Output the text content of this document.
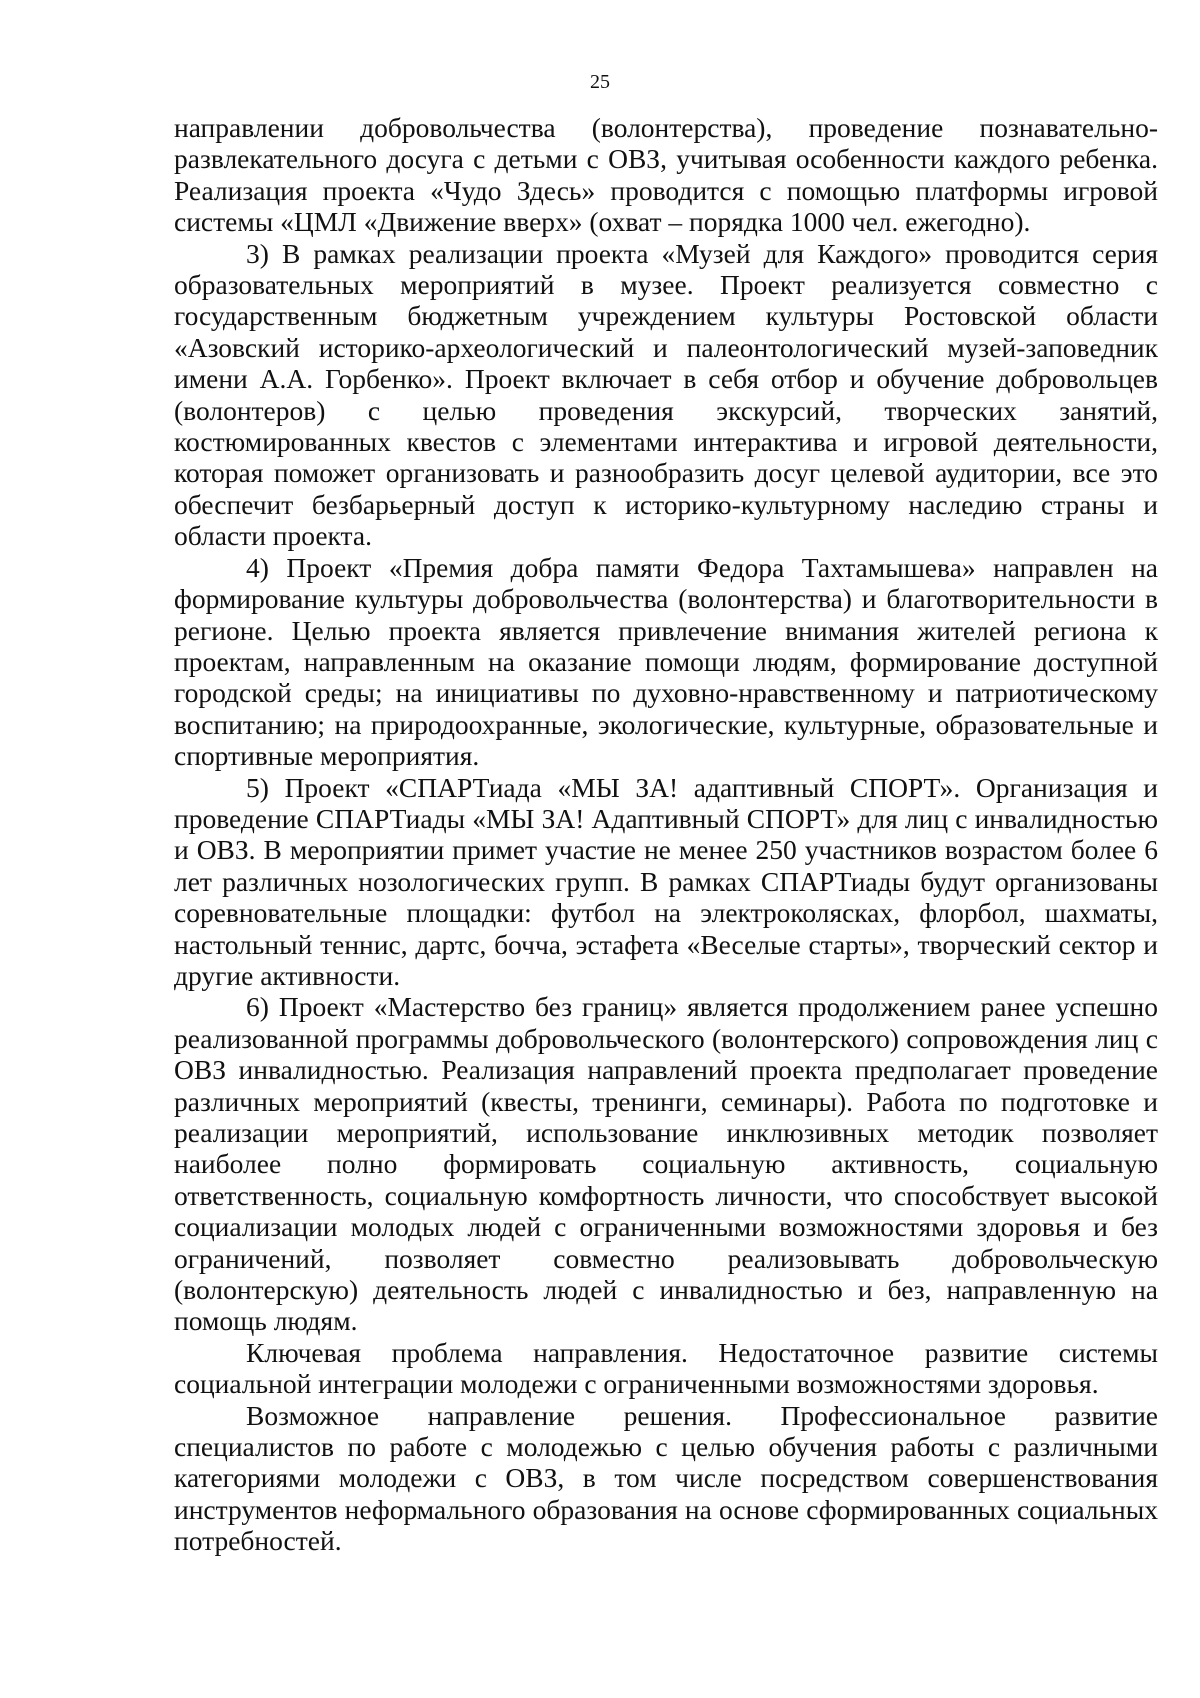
25

направлении добровольчества (волонтерства), проведение познавательно-развлекательного досуга с детьми с ОВЗ, учитывая особенности каждого ребенка. Реализация проекта «Чудо Здесь» проводится с помощью платформы игровой системы «ЦМЛ «Движение вверх» (охват – порядка 1000 чел. ежегодно).

3) В рамках реализации проекта «Музей для Каждого» проводится серия образовательных мероприятий в музее. Проект реализуется совместно с государственным бюджетным учреждением культуры Ростовской области «Азовский историко-археологический и палеонтологический музей-заповедник имени А.А. Горбенко». Проект включает в себя отбор и обучение добровольцев (волонтеров) с целью проведения экскурсий, творческих занятий, костюмированных квестов с элементами интерактива и игровой деятельности, которая поможет организовать и разнообразить досуг целевой аудитории, все это обеспечит безбарьерный доступ к историко-культурному наследию страны и области проекта.

4) Проект «Премия добра памяти Федора Тахтамышева» направлен на формирование культуры добровольчества (волонтерства) и благотворительности в регионе. Целью проекта является привлечение внимания жителей региона к проектам, направленным на оказание помощи людям, формирование доступной городской среды; на инициативы по духовно-нравственному и патриотическому воспитанию; на природоохранные, экологические, культурные, образовательные и спортивные мероприятия.

5) Проект «СПАРТиада «МЫ ЗА! адаптивный СПОРТ». Организация и проведение СПАРТиады «МЫ ЗА! Адаптивный СПОРТ» для лиц с инвалидностью и ОВЗ. В мероприятии примет участие не менее 250 участников возрастом более 6 лет различных нозологических групп. В рамках СПАРТиады будут организованы соревновательные площадки: футбол на электроколясках, флорбол, шахматы, настольный теннис, дартс, бочча, эстафета «Веселые старты», творческий сектор и другие активности.

6) Проект «Мастерство без границ» является продолжением ранее успешно реализованной программы добровольческого (волонтерского) сопровождения лиц с ОВЗ инвалидностью. Реализация направлений проекта предполагает проведение различных мероприятий (квесты, тренинги, семинары). Работа по подготовке и реализации мероприятий, использование инклюзивных методик позволяет наиболее полно формировать социальную активность, социальную ответственность, социальную комфортность личности, что способствует высокой социализации молодых людей с ограниченными возможностями здоровья и без ограничений, позволяет совместно реализовывать добровольческую (волонтерскую) деятельность людей с инвалидностью и без, направленную на помощь людям.

Ключевая проблема направления. Недостаточное развитие системы социальной интеграции молодежи с ограниченными возможностями здоровья.

Возможное направление решения. Профессиональное развитие специалистов по работе с молодежью с целью обучения работы с различными категориями молодежи с ОВЗ, в том числе посредством совершенствования инструментов неформального образования на основе сформированных социальных потребностей.
